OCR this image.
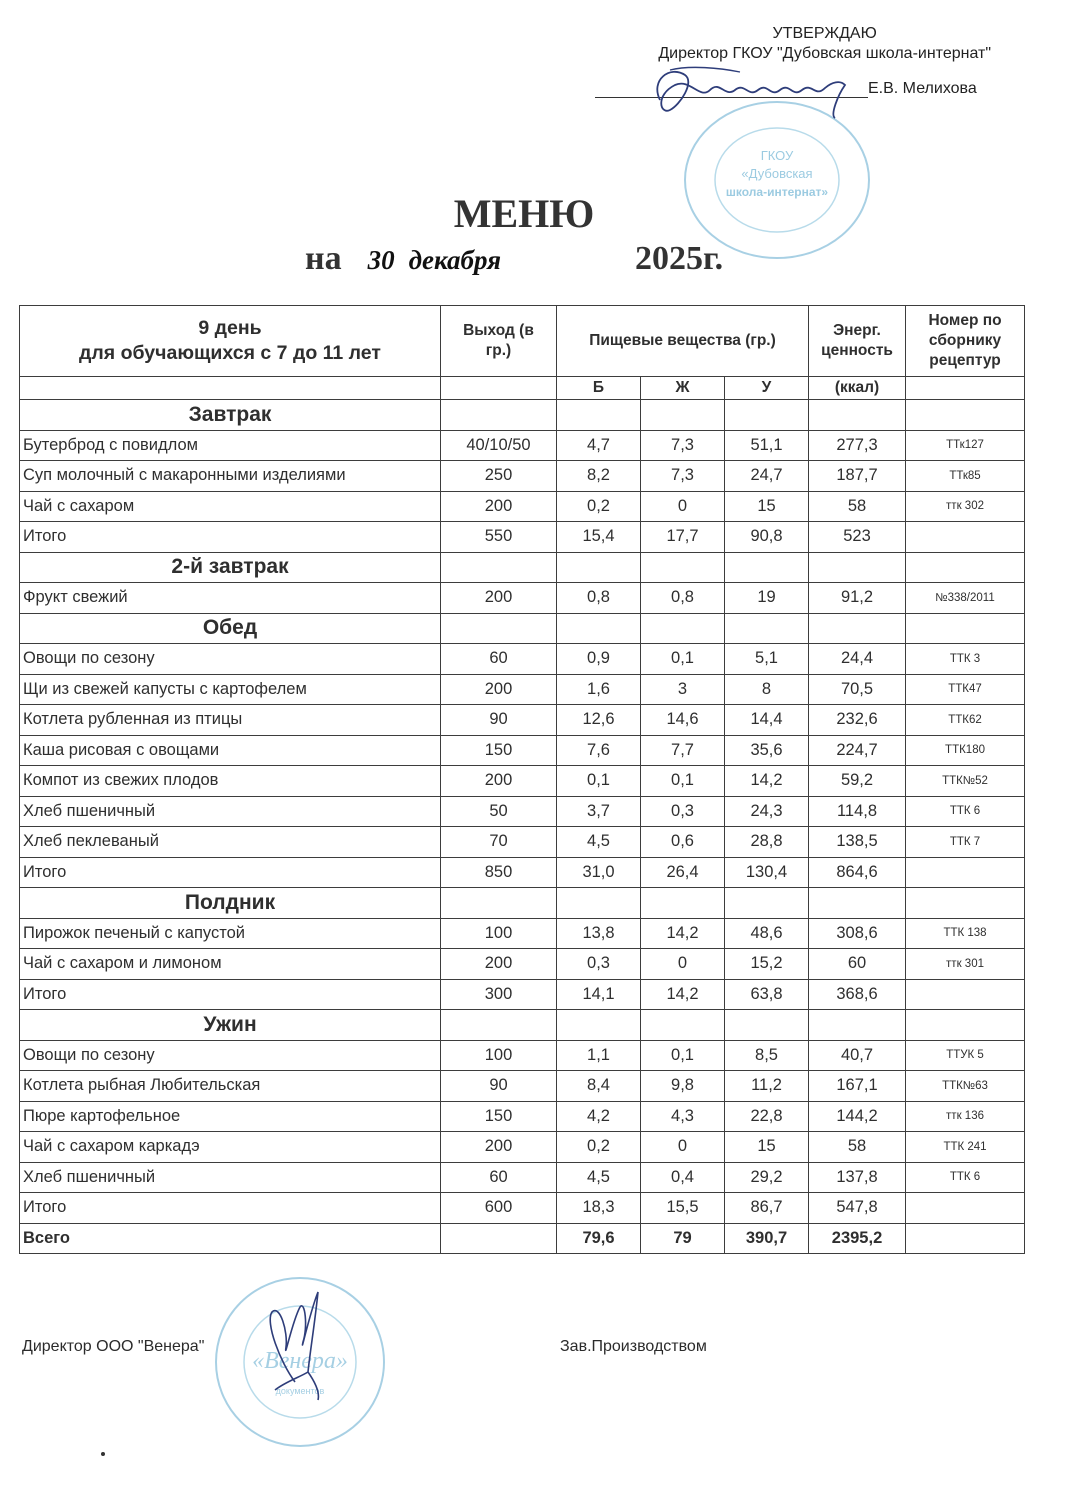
УТВЕРЖДАЮ
Директор ГКОУ "Дубовская школа-интернат"
Е.В. Мелихова
ГКОУ
«Дубовская
школа-интернат»
МЕНЮ
на 30 декабря	2025г.
9 день
для обучающихся с 7 до 11 лет	Выход (в гр.)	Пищевые вещества (гр.)			Энерг. ценность	Номер по сборнику рецептур
		Б	Ж	У	(ккал)	
Завтрак						
Бутерброд с повидлом	40/10/50	4,7	7,3	51,1	277,3	ТТк127
Суп молочный с макаронными изделиями	250	8,2	7,3	24,7	187,7	ТТк85
Чай с сахаром	200	0,2	0	15	58	ттк 302
Итого	550	15,4	17,7	90,8	523	
2-й завтрак						
Фрукт свежий	200	0,8	0,8	19	91,2	№338/2011
Обед						
Овощи по сезону	60	0,9	0,1	5,1	24,4	ТТК 3
Щи из свежей капусты с картофелем	200	1,6	3	8	70,5	ТТК47
Котлета рубленная из птицы	90	12,6	14,6	14,4	232,6	ТТК62
Каша рисовая с овощами	150	7,6	7,7	35,6	224,7	ТТК180
Компот из свежих плодов	200	0,1	0,1	14,2	59,2	ТТК№52
Хлеб пшеничный	50	3,7	0,3	24,3	114,8	ТТК 6
Хлеб пеклеваный	70	4,5	0,6	28,8	138,5	ТТК 7
Итого	850	31,0	26,4	130,4	864,6	
Полдник						
Пирожок печеный с капустой	100	13,8	14,2	48,6	308,6	ТТК 138
Чай с сахаром и лимоном	200	0,3	0	15,2	60	ттк 301
Итого	300	14,1	14,2	63,8	368,6	
Ужин						
Овощи по сезону	100	1,1	0,1	8,5	40,7	ТТУК 5
Котлета рыбная Любительская	90	8,4	9,8	11,2	167,1	ТТК№63
Пюре картофельное	150	4,2	4,3	22,8	144,2	ттк 136
Чай с сахаром каркадэ	200	0,2	0	15	58	ТТК 241
Хлеб пшеничный	60	4,5	0,4	29,2	137,8	ТТК 6
Итого	600	18,3	15,5	86,7	547,8	
Всего		79,6	79	390,7	2395,2	
«Венера»
документов
Директор ООО "Венера"	Зав.Производством
